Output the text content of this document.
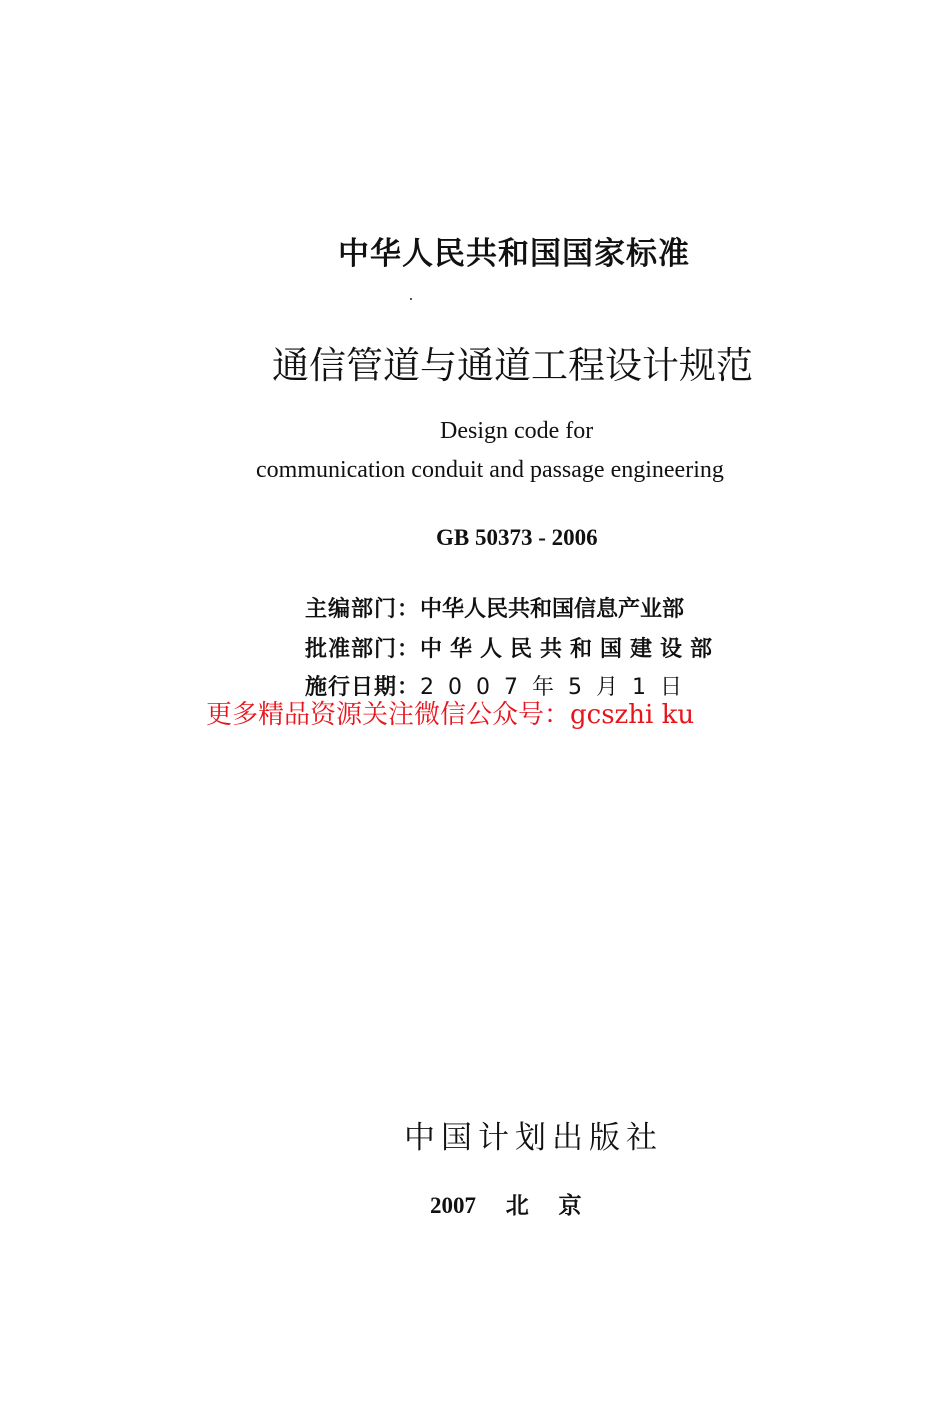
中华人民共和国国家标准
通信管道与通道工程设计规范
Design code for
communication conduit and passage engineering
GB 50373 - 2006
主编部门：中华人民共和国信息产业部
批准部门：中华人民共和国建设部
施行日期：2007年5月1日
更多精品资源关注微信公众号：gcszhi ku
中国计划出版社
2007 北 京
